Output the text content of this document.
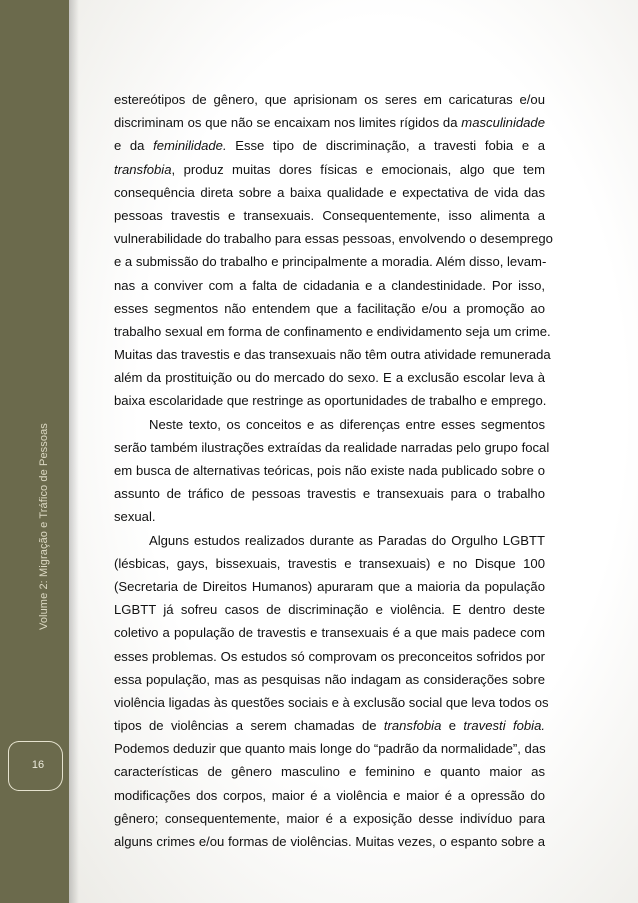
Volume 2: Migração e Tráfico de Pessoas
16
estereótipos de gênero, que aprisionam os seres em caricaturas e/ou
discriminam os que não se encaixam nos limites rígidos da masculinidade
e da feminilidade. Esse tipo de discriminação, a travesti fobia e a
transfobia, produz muitas dores físicas e emocionais, algo que tem
consequência direta sobre a baixa qualidade e expectativa de vida das
pessoas travestis e transexuais. Consequentemente, isso alimenta a
vulnerabilidade do trabalho para essas pessoas, envolvendo o desemprego
e a submissão do trabalho e principalmente a moradia. Além disso, levam-
nas a conviver com a falta de cidadania e a clandestinidade. Por isso,
esses segmentos não entendem que a facilitação e/ou a promoção ao
trabalho sexual em forma de confinamento e endividamento seja um crime.
Muitas das travestis e das transexuais não têm outra atividade remunerada
além da prostituição ou do mercado do sexo. E a exclusão escolar leva à
baixa escolaridade que restringe as oportunidades de trabalho e emprego.
Neste texto, os conceitos e as diferenças entre esses segmentos
serão também ilustrações extraídas da realidade narradas pelo grupo focal
em busca de alternativas teóricas, pois não existe nada publicado sobre o
assunto de tráfico de pessoas travestis e transexuais para o trabalho
sexual.
Alguns estudos realizados durante as Paradas do Orgulho LGBTT
(lésbicas, gays, bissexuais, travestis e transexuais) e no Disque 100
(Secretaria de Direitos Humanos) apuraram que a maioria da população
LGBTT já sofreu casos de discriminação e violência. E dentro deste
coletivo a população de travestis e transexuais é a que mais padece com
esses problemas. Os estudos só comprovam os preconceitos sofridos por
essa população, mas as pesquisas não indagam as considerações sobre
violência ligadas às questões sociais e à exclusão social que leva todos os
tipos de violências a serem chamadas de transfobia e travesti fobia.
Podemos deduzir que quanto mais longe do “padrão da normalidade”, das
características de gênero masculino e feminino e quanto maior as
modificações dos corpos, maior é a violência e maior é a opressão do
gênero; consequentemente, maior é a exposição desse indivíduo para
alguns crimes e/ou formas de violências. Muitas vezes, o espanto sobre a
